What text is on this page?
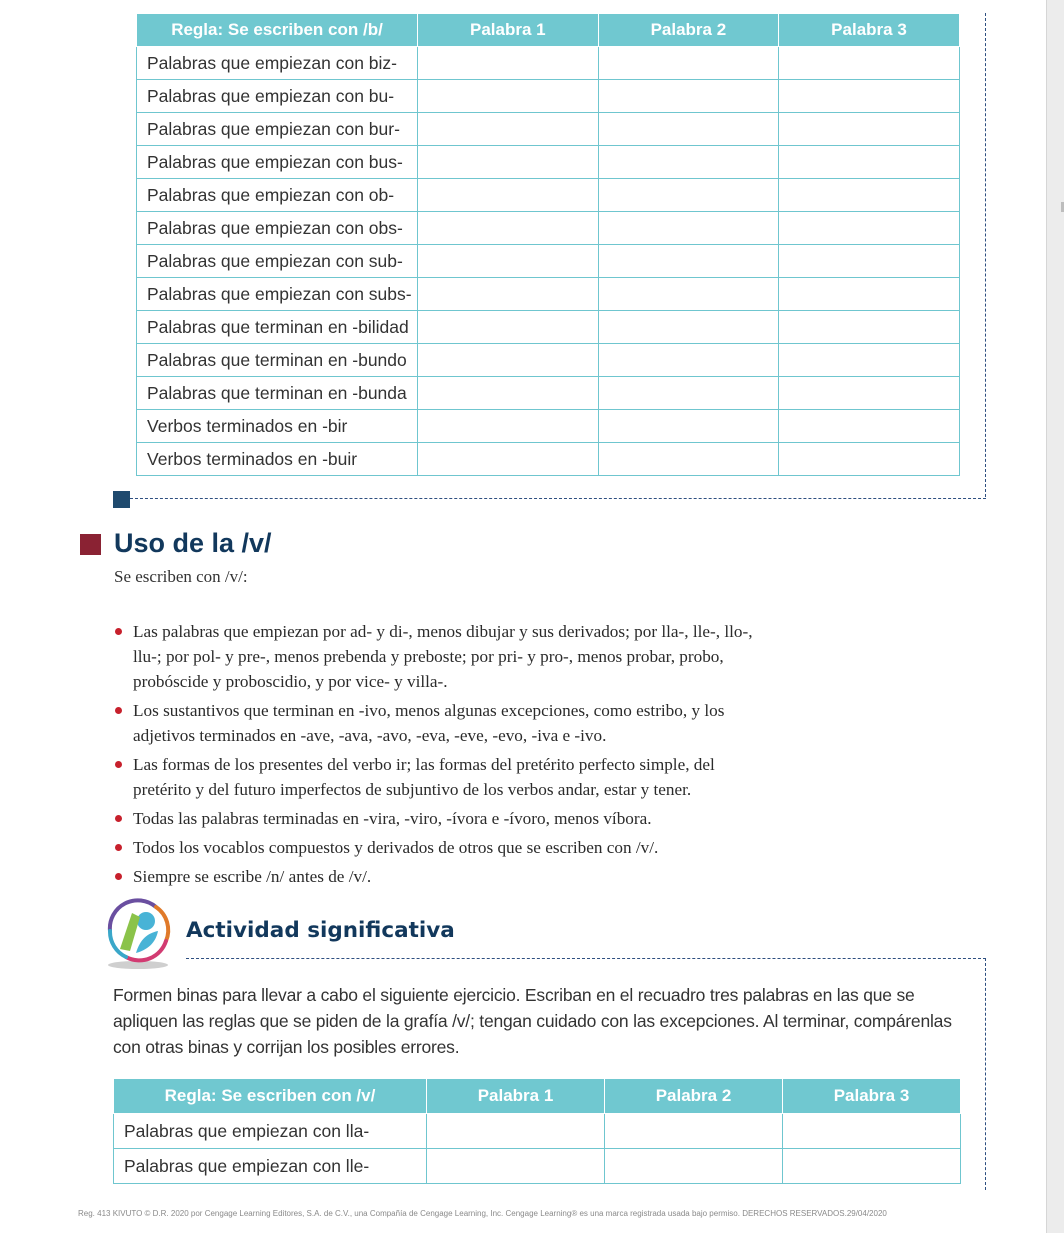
Regla: Se escriben con /b/	Palabra 1	Palabra 2	Palabra 3
Palabras que empiezan con biz-			
Palabras que empiezan con bu-			
Palabras que empiezan con bur-			
Palabras que empiezan con bus-			
Palabras que empiezan con ob-			
Palabras que empiezan con obs-			
Palabras que empiezan con sub-			
Palabras que empiezan con subs-			
Palabras que terminan en -bilidad			
Palabras que terminan en -bundo			
Palabras que terminan en -bunda			
Verbos terminados en -bir			
Verbos terminados en -buir			
Uso de la /v/
Se escriben con /v/:
Las palabras que empiezan por ad- y di-, menos dibujar y sus derivados; por lla-, lle-, llo-, llu-; por pol- y pre-, menos prebenda y preboste; por pri- y pro-, menos probar, probo, probóscide y proboscidio, y por vice- y villa-.
Los sustantivos que terminan en -ivo, menos algunas excepciones, como estribo, y los adjetivos terminados en -ave, -ava, -avo, -eva, -eve, -evo, -iva e -ivo.
Las formas de los presentes del verbo ir; las formas del pretérito perfecto simple, del pretérito y del futuro imperfectos de subjuntivo de los verbos andar, estar y tener.
Todas las palabras terminadas en -vira, -viro, -ívora e -ívoro, menos víbora.
Todos los vocablos compuestos y derivados de otros que se escriben con /v/.
Siempre se escribe /n/ antes de /v/.
Actividad significativa
Formen binas para llevar a cabo el siguiente ejercicio. Escriban en el recuadro tres palabras en las que se apliquen las reglas que se piden de la grafía /v/; tengan cuidado con las excepciones. Al terminar, compárenlas con otras binas y corrijan los posibles errores.
Regla: Se escriben con /v/	Palabra 1	Palabra 2	Palabra 3
Palabras que empiezan con lla-			
Palabras que empiezan con lle-			
Reg. 413 KIVUTO © D.R. 2020 por Cengage Learning Editores, S.A. de C.V., una Compañía de Cengage Learning, Inc. Cengage Learning® es una marca registrada usada bajo permiso. DERECHOS RESERVADOS.29/04/2020
